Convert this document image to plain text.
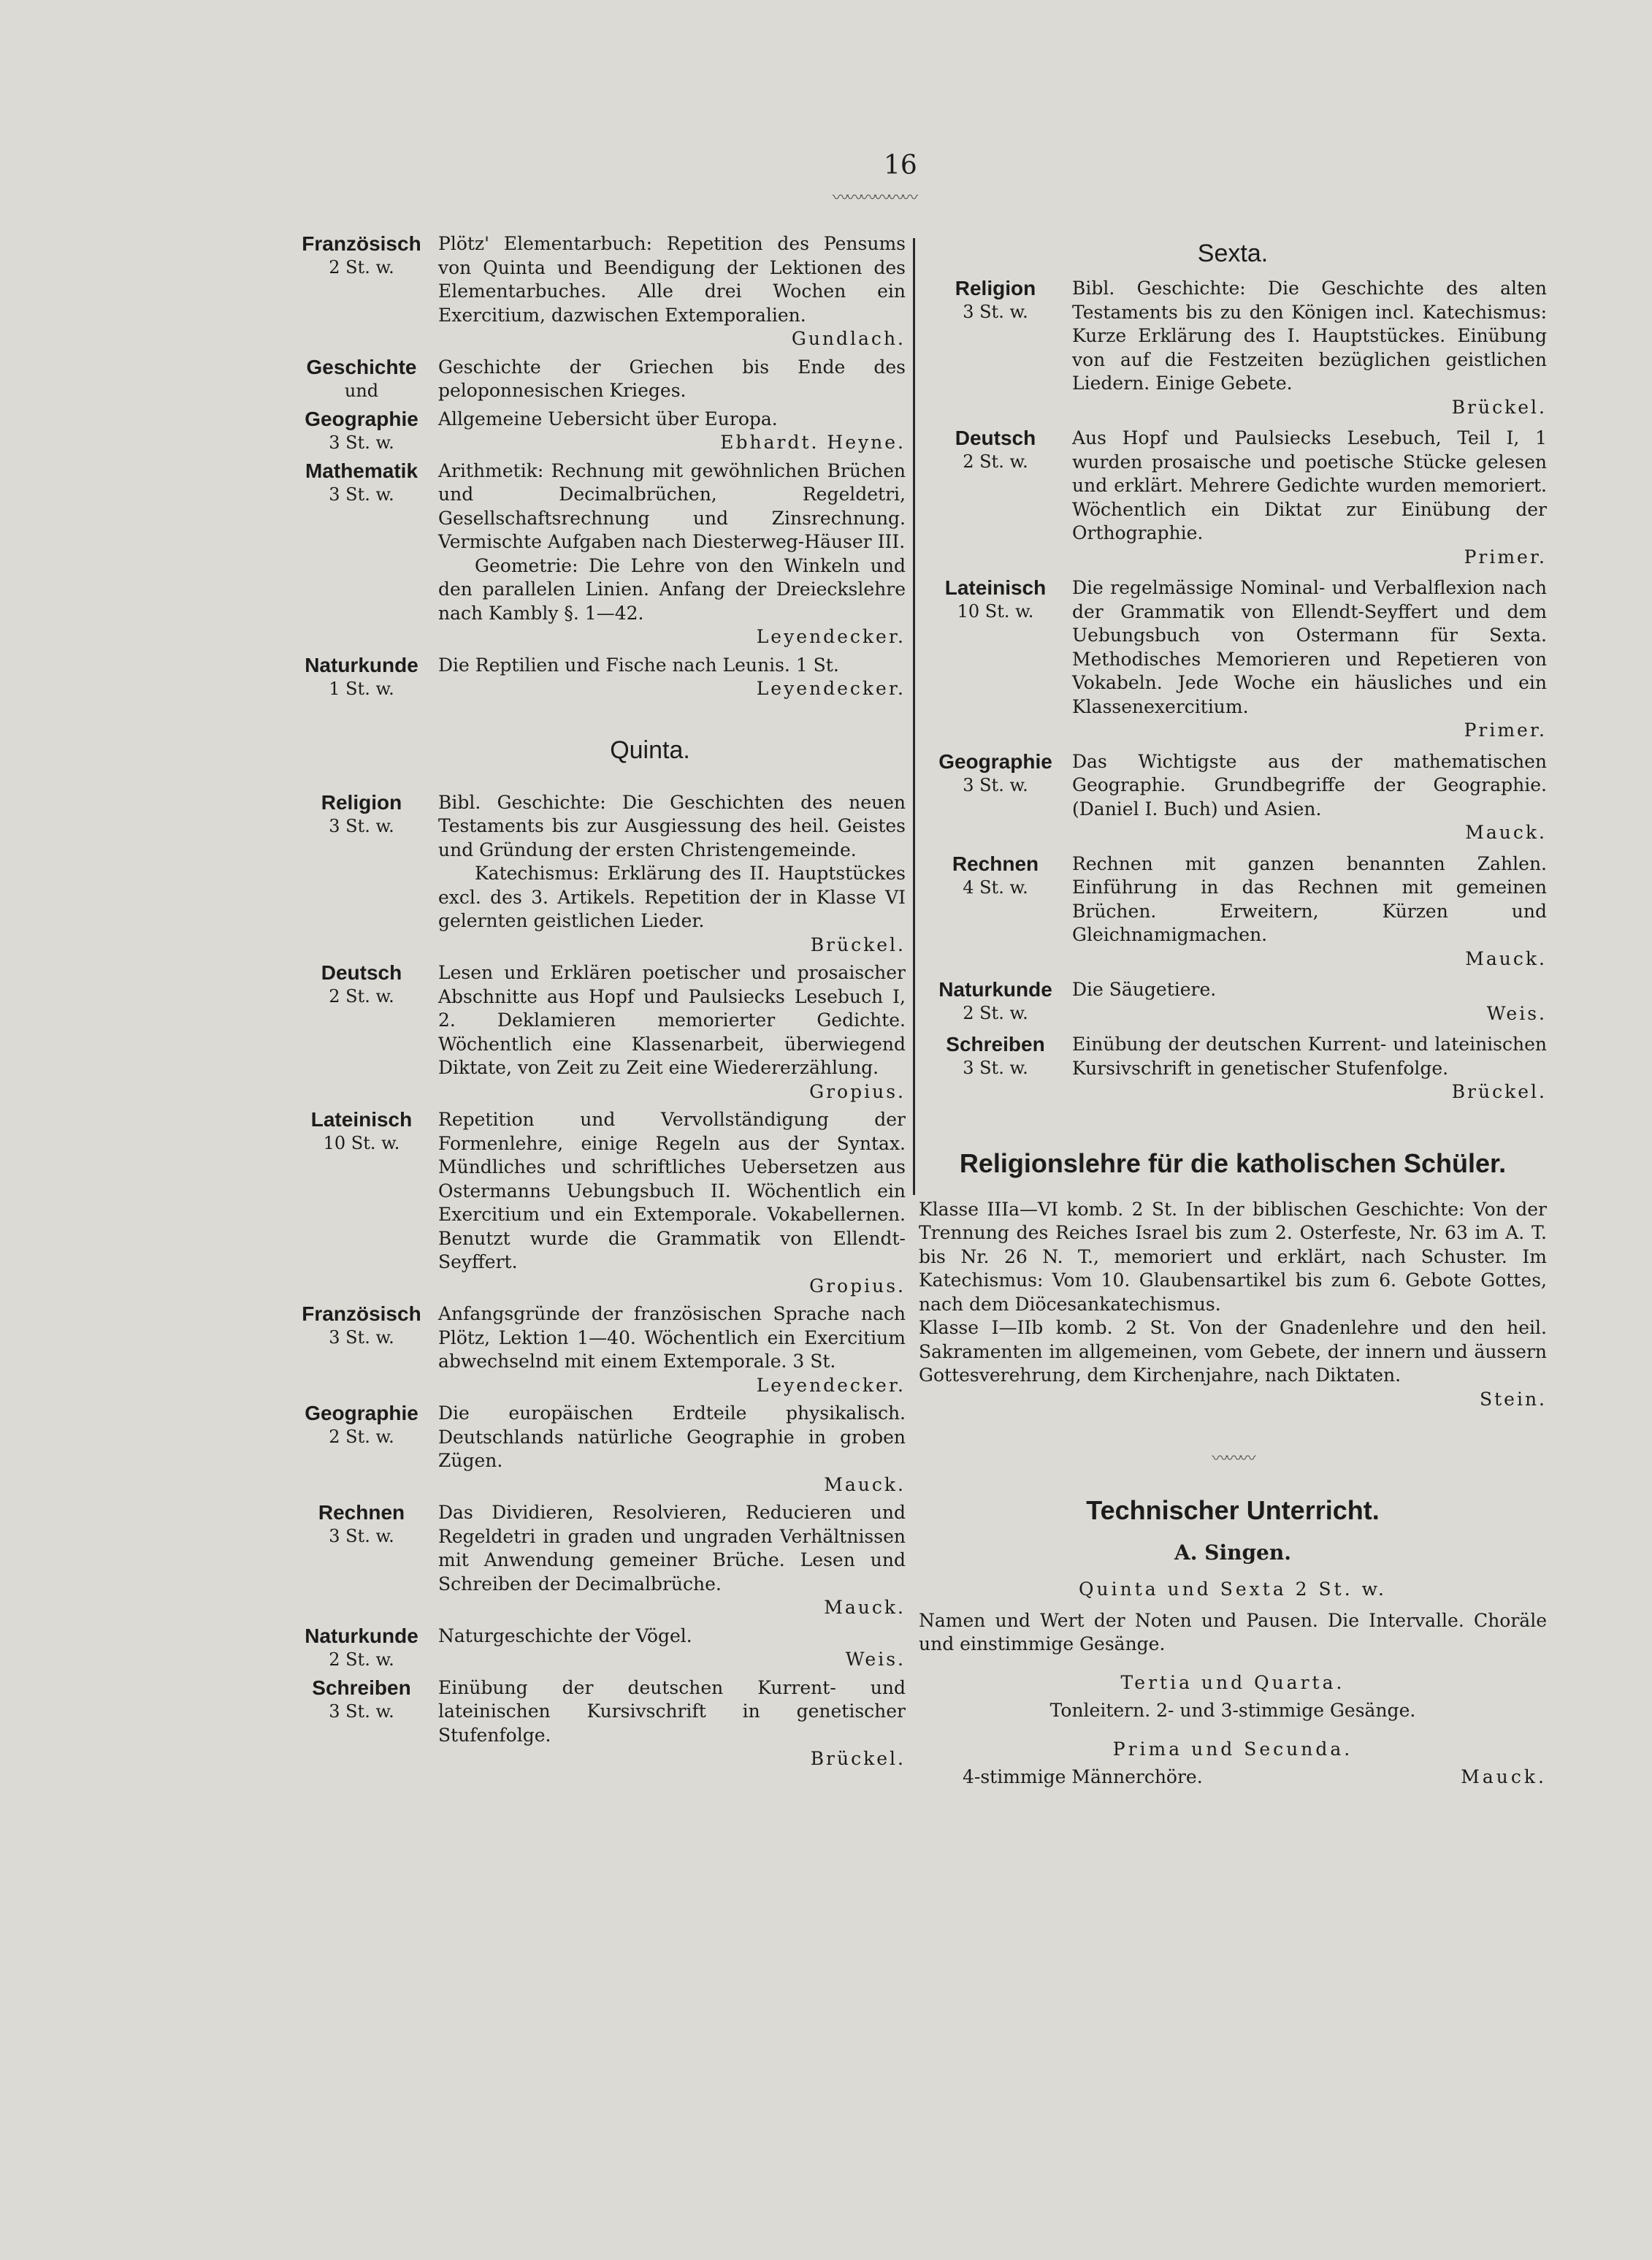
16
〰〰〰〰〰〰
Französisch
2 St. w.

Plötz' Elementarbuch: Repetition des Pensums von Quinta und Beendigung der Lektionen des Elementarbuches. Alle drei Wochen ein Exercitium, dazwischen Extemporalien.

Gundlach.

Geschichte
und

Geschichte der Griechen bis Ende des peloponnesischen Krieges.

Geographie
3 St. w.

Allgemeine Uebersicht über Europa.

Ebhardt. Heyne.

Mathematik
3 St. w.

Arithmetik: Rechnung mit gewöhnlichen Brüchen und Decimalbrüchen, Regeldetri, Gesellschaftsrechnung und Zinsrechnung. Vermischte Aufgaben nach Diesterweg-Häuser III.

Geometrie: Die Lehre von den Winkeln und den parallelen Linien. Anfang der Dreieckslehre nach Kambly §. 1—42.

Leyendecker.

Naturkunde
1 St. w.

Die Reptilien und Fische nach Leunis. 1 St.

Leyendecker.

Quinta.
Religion
3 St. w.

Bibl. Geschichte: Die Geschichten des neuen Testaments bis zur Ausgiessung des heil. Geistes und Gründung der ersten Christengemeinde.

Katechismus: Erklärung des II. Hauptstückes excl. des 3. Artikels. Repetition der in Klasse VI gelernten geistlichen Lieder.

Brückel.

Deutsch
2 St. w.

Lesen und Erklären poetischer und prosaischer Abschnitte aus Hopf und Paulsiecks Lesebuch I, 2. Deklamieren memorierter Gedichte. Wöchentlich eine Klassenarbeit, überwiegend Diktate, von Zeit zu Zeit eine Wiedererzählung.

Gropius.

Lateinisch
10 St. w.

Repetition und Vervollständigung der Formenlehre, einige Regeln aus der Syntax. Mündliches und schriftliches Uebersetzen aus Ostermanns Uebungsbuch II. Wöchentlich ein Exercitium und ein Extemporale. Vokabellernen. Benutzt wurde die Grammatik von Ellendt-Seyffert.

Gropius.

Französisch
3 St. w.

Anfangsgründe der französischen Sprache nach Plötz, Lektion 1—40. Wöchentlich ein Exercitium abwechselnd mit einem Extemporale. 3 St.

Leyendecker.

Geographie
2 St. w.

Die europäischen Erdteile physikalisch. Deutschlands natürliche Geographie in groben Zügen.

Mauck.

Rechnen
3 St. w.

Das Dividieren, Resolvieren, Reducieren und Regeldetri in graden und ungraden Verhältnissen mit Anwendung gemeiner Brüche. Lesen und Schreiben der Decimalbrüche.

Mauck.

Naturkunde
2 St. w.

Naturgeschichte der Vögel.

Weis.

Schreiben
3 St. w.

Einübung der deutschen Kurrent- und lateinischen Kursivschrift in genetischer Stufenfolge.

Brückel.

Sexta.
Religion
3 St. w.

Bibl. Geschichte: Die Geschichte des alten Testaments bis zu den Königen incl. Katechismus: Kurze Erklärung des I. Hauptstückes. Einübung von auf die Festzeiten bezüglichen geistlichen Liedern. Einige Gebete.

Brückel.

Deutsch
2 St. w.

Aus Hopf und Paulsiecks Lesebuch, Teil I, 1 wurden prosaische und poetische Stücke gelesen und erklärt. Mehrere Gedichte wurden memoriert. Wöchentlich ein Diktat zur Einübung der Orthographie.

Primer.

Lateinisch
10 St. w.

Die regelmässige Nominal- und Verbalflexion nach der Grammatik von Ellendt-Seyffert und dem Uebungsbuch von Ostermann für Sexta. Methodisches Memorieren und Repetieren von Vokabeln. Jede Woche ein häusliches und ein Klassenexercitium.

Primer.

Geographie
3 St. w.

Das Wichtigste aus der mathematischen Geographie. Grundbegriffe der Geographie. (Daniel I. Buch) und Asien.

Mauck.

Rechnen
4 St. w.

Rechnen mit ganzen benannten Zahlen. Einführung in das Rechnen mit gemeinen Brüchen. Erweitern, Kürzen und Gleichnamigmachen.

Mauck.

Naturkunde
2 St. w.

Die Säugetiere.

Weis.

Schreiben
3 St. w.

Einübung der deutschen Kurrent- und lateinischen Kursivschrift in genetischer Stufenfolge.

Brückel.

Religionslehre für die katholischen Schüler.

Klasse IIIa—VI komb. 2 St. In der biblischen Geschichte: Von der Trennung des Reiches Israel bis zum 2. Osterfeste, Nr. 63 im A. T. bis Nr. 26 N. T., memoriert und erklärt, nach Schuster. Im Katechismus: Vom 10. Glaubensartikel bis zum 6. Gebote Gottes, nach dem Diöcesankatechismus.

Klasse I—IIb komb. 2 St. Von der Gnadenlehre und den heil. Sakramenten im allgemeinen, vom Gebete, der innern und äussern Gottesverehrung, dem Kirchenjahre, nach Diktaten.

Stein.

〰〰〰
Technischer Unterricht.
A. Singen.

Quinta und Sexta 2 St. w.

Namen und Wert der Noten und Pausen. Die Intervalle. Choräle und einstimmige Gesänge.

Tertia und Quarta.

Tonleitern. 2- und 3-stimmige Gesänge.

Prima und Secunda.

4-stimmige Männerchöre.	Mauck.
